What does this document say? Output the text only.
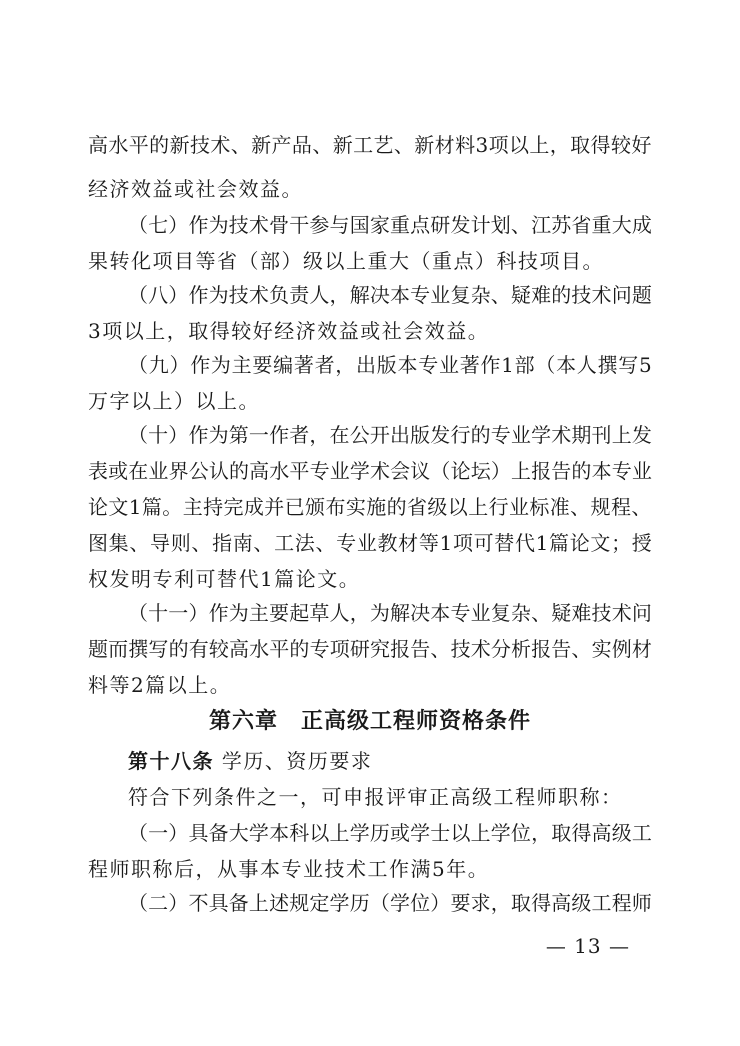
高水平的新技术、新产品、新工艺、新材料3项以上，取得较好
经济效益或社会效益。
（七）作为技术骨干参与国家重点研发计划、江苏省重大成
果转化项目等省（部）级以上重大（重点）科技项目。
（八）作为技术负责人，解决本专业复杂、疑难的技术问题
3项以上，取得较好经济效益或社会效益。
（九）作为主要编著者，出版本专业著作1部（本人撰写5
万字以上）以上。
（十）作为第一作者，在公开出版发行的专业学术期刊上发
表或在业界公认的高水平专业学术会议（论坛）上报告的本专业
论文1篇。主持完成并已颁布实施的省级以上行业标准、规程、
图集、导则、指南、工法、专业教材等1项可替代1篇论文；授
权发明专利可替代1篇论文。
（十一）作为主要起草人，为解决本专业复杂、疑难技术问
题而撰写的有较高水平的专项研究报告、技术分析报告、实例材
料等2篇以上。
第六章　正高级工程师资格条件
第十八条 学历、资历要求
符合下列条件之一，可申报评审正高级工程师职称：
（一）具备大学本科以上学历或学士以上学位，取得高级工
程师职称后，从事本专业技术工作满5年。
（二）不具备上述规定学历（学位）要求，取得高级工程师
— 13 —
